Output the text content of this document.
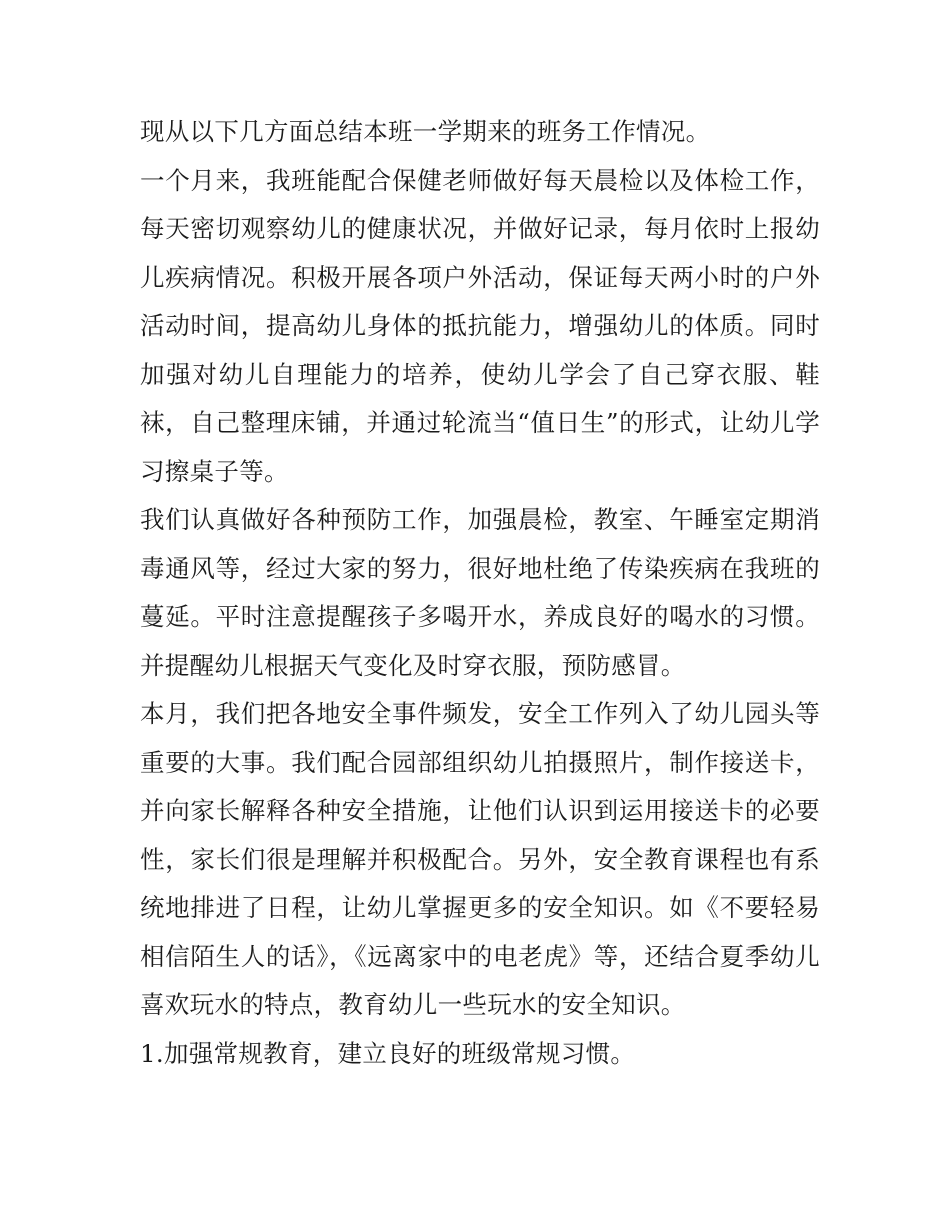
现从以下几方面总结本班一学期来的班务工作情况。

一个月来，我班能配合保健老师做好每天晨检以及体检工作，每天密切观察幼儿的健康状况，并做好记录，每月依时上报幼儿疾病情况。积极开展各项户外活动，保证每天两小时的户外活动时间，提高幼儿身体的抵抗能力，增强幼儿的体质。同时加强对幼儿自理能力的培养，使幼儿学会了自己穿衣服、鞋袜，自己整理床铺，并通过轮流当“值日生”的形式，让幼儿学习擦桌子等。

我们认真做好各种预防工作，加强晨检，教室、午睡室定期消毒通风等，经过大家的努力，很好地杜绝了传染疾病在我班的蔓延。平时注意提醒孩子多喝开水，养成良好的喝水的习惯。并提醒幼儿根据天气变化及时穿衣服，预防感冒。

本月，我们把各地安全事件频发，安全工作列入了幼儿园头等重要的大事。我们配合园部组织幼儿拍摄照片，制作接送卡，并向家长解释各种安全措施，让他们认识到运用接送卡的必要性，家长们很是理解并积极配合。另外，安全教育课程也有系统地排进了日程，让幼儿掌握更多的安全知识。如《不要轻易相信陌生人的话》，《远离家中的电老虎》等，还结合夏季幼儿喜欢玩水的特点，教育幼儿一些玩水的安全知识。

1.加强常规教育，建立良好的班级常规习惯。
